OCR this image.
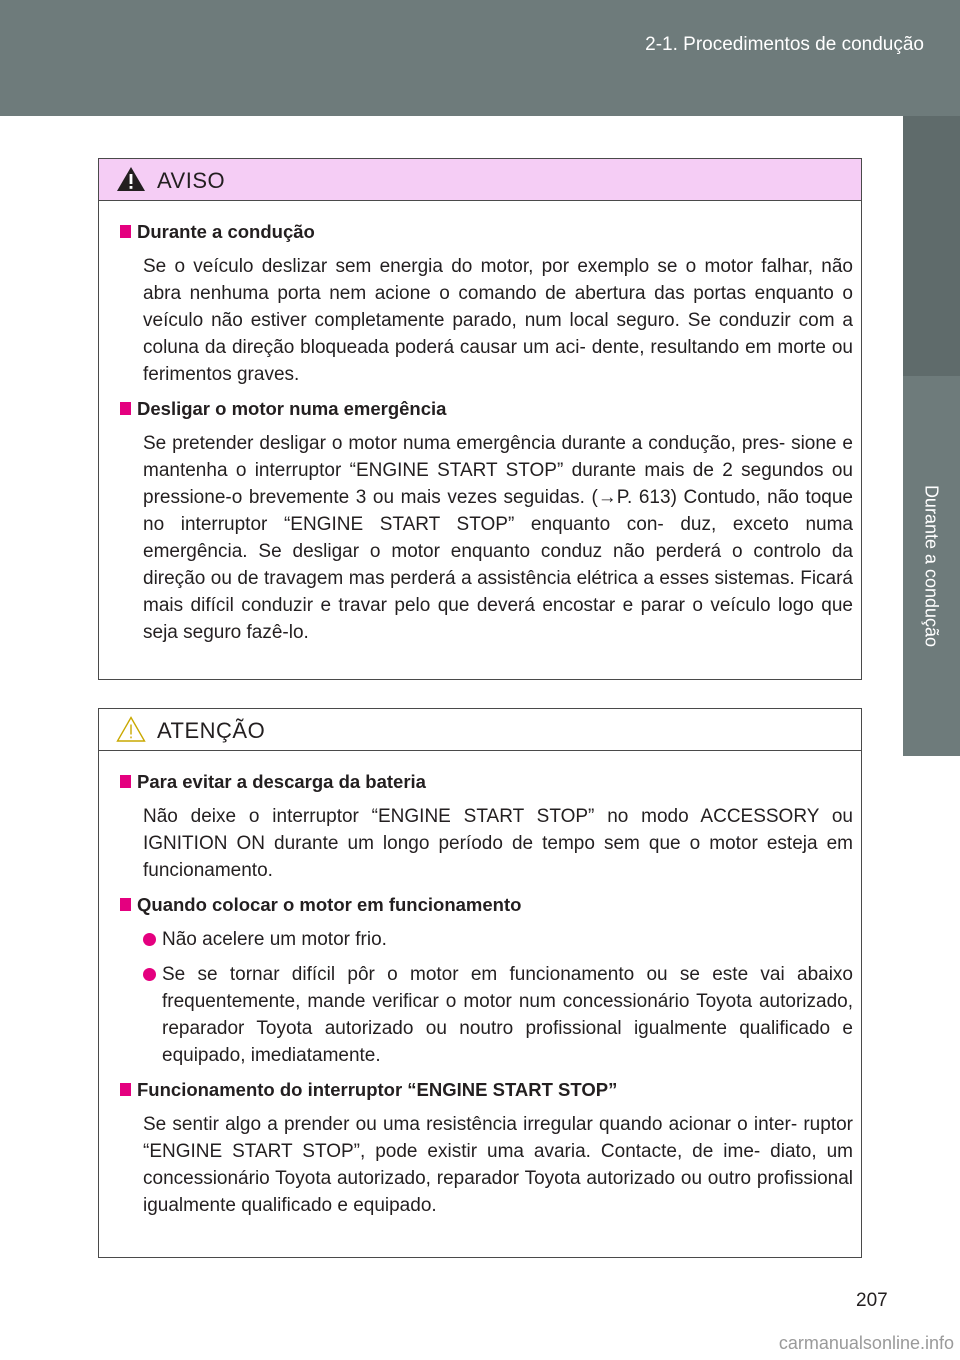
2-1. Procedimentos de condução
Durante a condução
AVISO
Durante a condução

Se o veículo deslizar sem energia do motor, por exemplo se o motor falhar, não abra nenhuma porta nem acione o comando de abertura das portas enquanto o veículo não estiver completamente parado, num local seguro. Se conduzir com a coluna da direção bloqueada poderá causar um aci- dente, resultando em morte ou ferimentos graves.

Desligar o motor numa emergência

Se pretender desligar o motor numa emergência durante a condução, pres- sione e mantenha o interruptor “ENGINE START STOP” durante mais de 2 segundos ou pressione-o brevemente 3 ou mais vezes seguidas. (→P. 613) Contudo, não toque no interruptor “ENGINE START STOP” enquanto con- duz, exceto numa emergência. Se desligar o motor enquanto conduz não perderá o controlo da direção ou de travagem mas perderá a assistência elétrica a esses sistemas. Ficará mais difícil conduzir e travar pelo que deverá encostar e parar o veículo logo que seja seguro fazê-lo.

ATENÇÃO
Para evitar a descarga da bateria

Não deixe o interruptor “ENGINE START STOP” no modo ACCESSORY ou IGNITION ON durante um longo período de tempo sem que o motor esteja em funcionamento.

Quando colocar o motor em funcionamento
Não acelere um motor frio.
Se se tornar difícil pôr o motor em funcionamento ou se este vai abaixo frequentemente, mande verificar o motor num concessionário Toyota autorizado, reparador Toyota autorizado ou noutro profissional igualmente qualificado e equipado, imediatamente.
Funcionamento do interruptor “ENGINE START STOP”

Se sentir algo a prender ou uma resistência irregular quando acionar o inter- ruptor “ENGINE START STOP”, pode existir uma avaria. Contacte, de ime- diato, um concessionário Toyota autorizado, reparador Toyota autorizado ou outro profissional igualmente qualificado e equipado.

207
carmanualsonline.info
